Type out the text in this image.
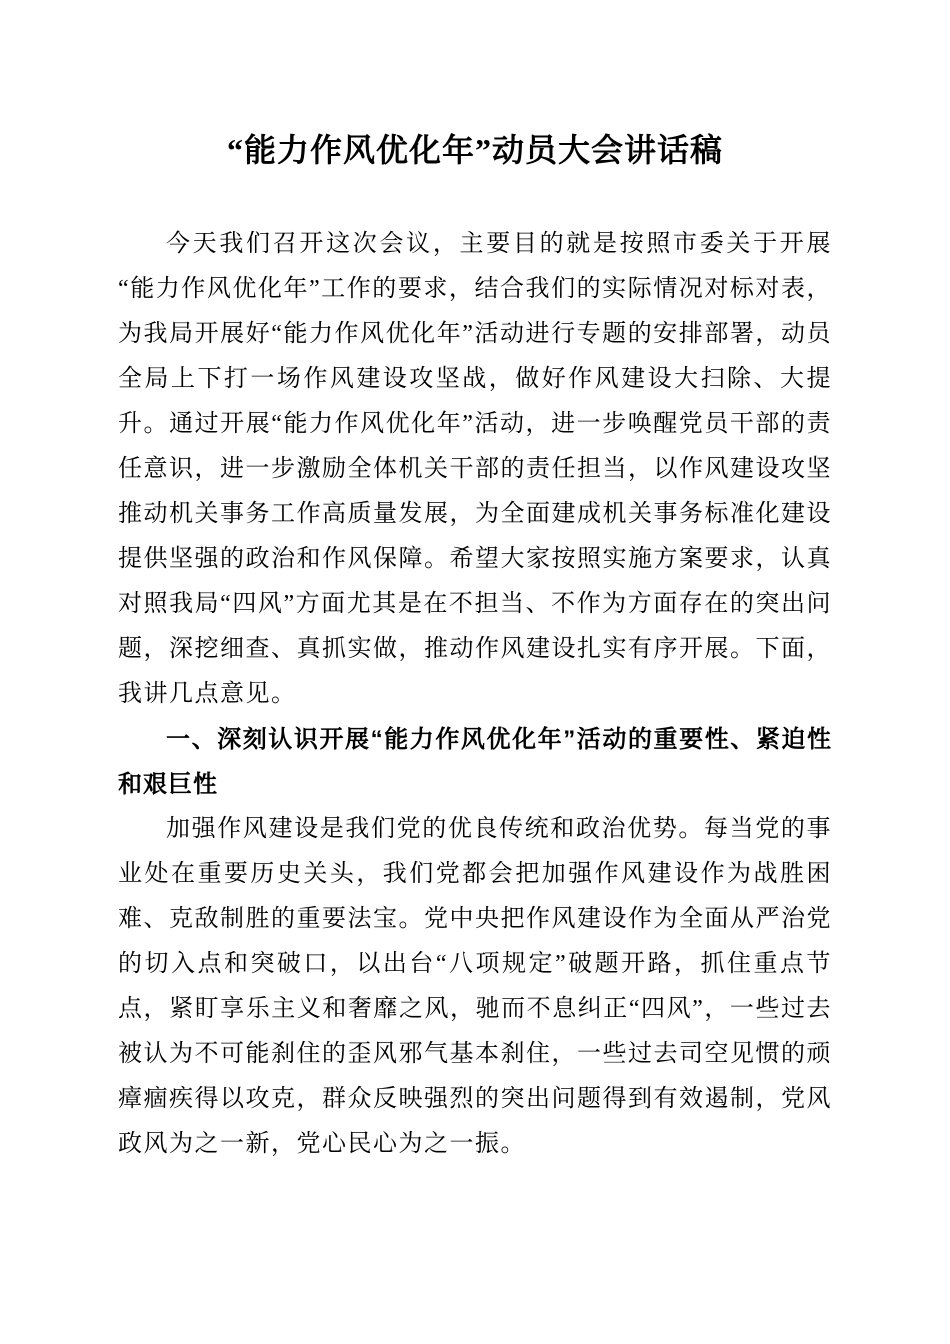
“能力作风优化年”动员大会讲话稿

今天我们召开这次会议，主要目的就是按照市委关于开展“能力作风优化年”工作的要求，结合我们的实际情况对标对表，为我局开展好“能力作风优化年”活动进行专题的安排部署，动员全局上下打一场作风建设攻坚战，做好作风建设大扫除、大提升。通过开展“能力作风优化年”活动，进一步唤醒党员干部的责任意识，进一步激励全体机关干部的责任担当，以作风建设攻坚推动机关事务工作高质量发展，为全面建成机关事务标准化建设提供坚强的政治和作风保障。希望大家按照实施方案要求，认真对照我局“四风”方面尤其是在不担当、不作为方面存在的突出问题，深挖细查、真抓实做，推动作风建设扎实有序开展。下面，我讲几点意见。

一、深刻认识开展“能力作风优化年”活动的重要性、紧迫性和艰巨性

加强作风建设是我们党的优良传统和政治优势。每当党的事业处在重要历史关头，我们党都会把加强作风建设作为战胜困难、克敌制胜的重要法宝。党中央把作风建设作为全面从严治党的切入点和突破口，以出台“八项规定”破题开路，抓住重点节点，紧盯享乐主义和奢靡之风，驰而不息纠正“四风”，一些过去被认为不可能刹住的歪风邪气基本刹住，一些过去司空见惯的顽瘴痼疾得以攻克，群众反映强烈的突出问题得到有效遏制，党风政风为之一新，党心民心为之一振。
